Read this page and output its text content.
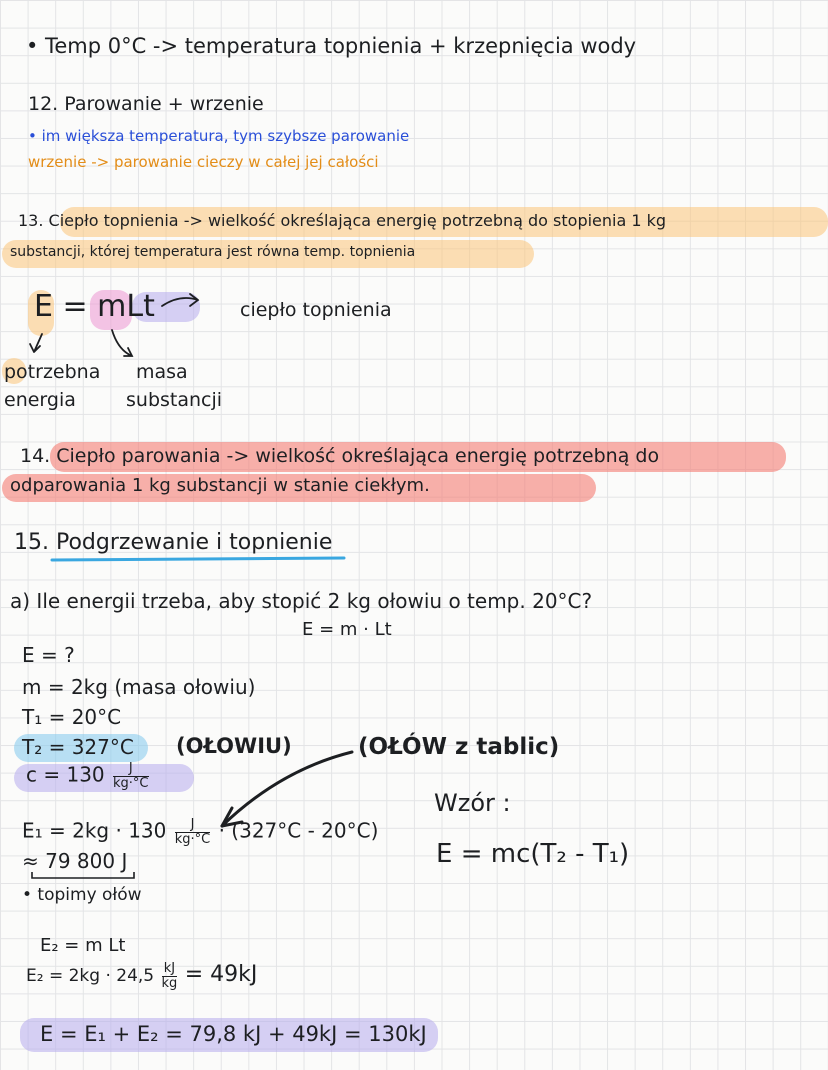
• Temp 0°C -> temperatura topnienia + krzepnięcia wody
12. Parowanie + wrzenie
• im większa temperatura, tym szybsze parowanie
wrzenie -> parowanie cieczy w całej jej całości
13. Ciepło topnienia -> wielkość określająca energię potrzebną do stopienia 1 kg
substancji, której temperatura jest równa temp. topnienia
E = mLt	ciepło topnienia
potrzebna
energia
masa
substancji
14. Ciepło parowania -> wielkość określająca energię potrzebną do
odparowania 1 kg substancji w stanie ciekłym.
15. Podgrzewanie i topnienie
a) Ile energii trzeba, aby stopić 2 kg ołowiu o temp. 20°C?
E = m · Lt
E = ?
m = 2kg (masa ołowiu)
T₁ = 20°C
T₂ = 327°C (OŁOWIU)	(OŁÓW z tablic)
$c = 130 \frac{J}{kg\cdot^\circ C}$
Wzór :
E = mc(T₂ - T₁)
$E_1 = 2kg \cdot 130 \frac{J}{kg\cdot^\circ C} \cdot (327^\circ C - 20^\circ C)$
≈ 79 800 J
• topimy ołów
E₂ = m Lt
$E_2 = 2kg \cdot 24,5 \frac{kJ}{kg} = 49kJ$
E = E₁ + E₂ = 79,8 kJ + 49kJ = 130kJ
